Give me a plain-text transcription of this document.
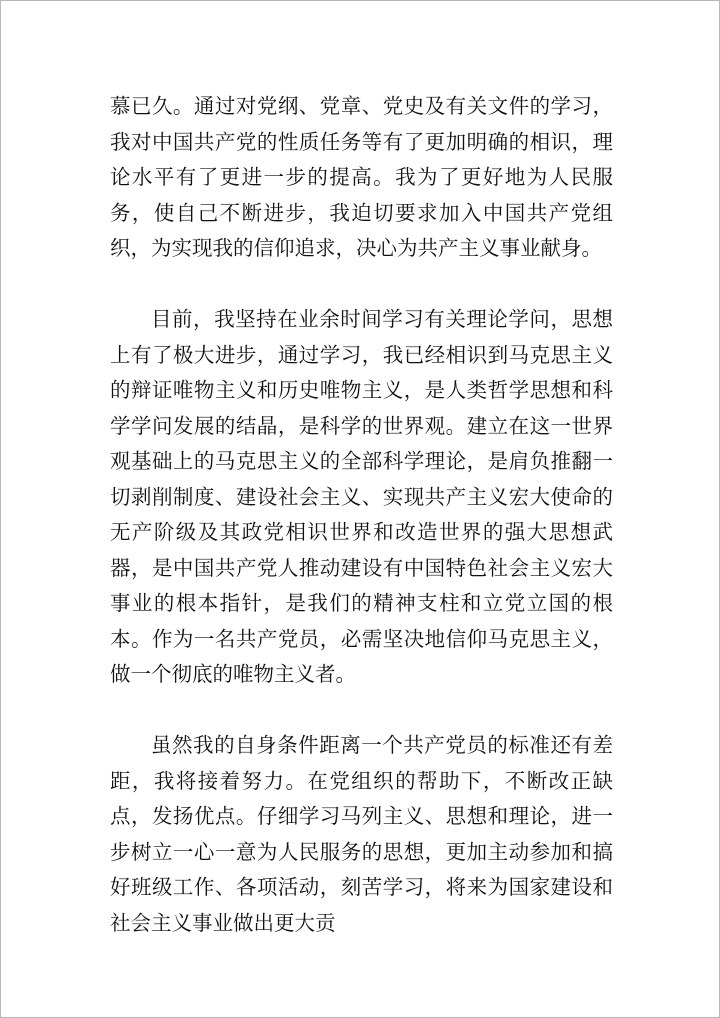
慕已久。通过对党纲、党章、党史及有关文件的学习，我对中国共产党的性质任务等有了更加明确的相识，理论水平有了更进一步的提高。我为了更好地为人民服务，使自己不断进步，我迫切要求加入中国共产党组织，为实现我的信仰追求，决心为共产主义事业献身。

目前，我坚持在业余时间学习有关理论学问，思想上有了极大进步，通过学习，我已经相识到马克思主义的辩证唯物主义和历史唯物主义，是人类哲学思想和科学学问发展的结晶，是科学的世界观。建立在这一世界观基础上的马克思主义的全部科学理论，是肩负推翻一切剥削制度、建设社会主义、实现共产主义宏大使命的无产阶级及其政党相识世界和改造世界的强大思想武器，是中国共产党人推动建设有中国特色社会主义宏大事业的根本指针，是我们的精神支柱和立党立国的根本。作为一名共产党员，必需坚决地信仰马克思主义，做一个彻底的唯物主义者。

虽然我的自身条件距离一个共产党员的标准还有差距，我将接着努力。在党组织的帮助下，不断改正缺点，发扬优点。仔细学习马列主义、思想和理论，进一步树立一心一意为人民服务的思想，更加主动参加和搞好班级工作、各项活动，刻苦学习，将来为国家建设和社会主义事业做出更大贡
